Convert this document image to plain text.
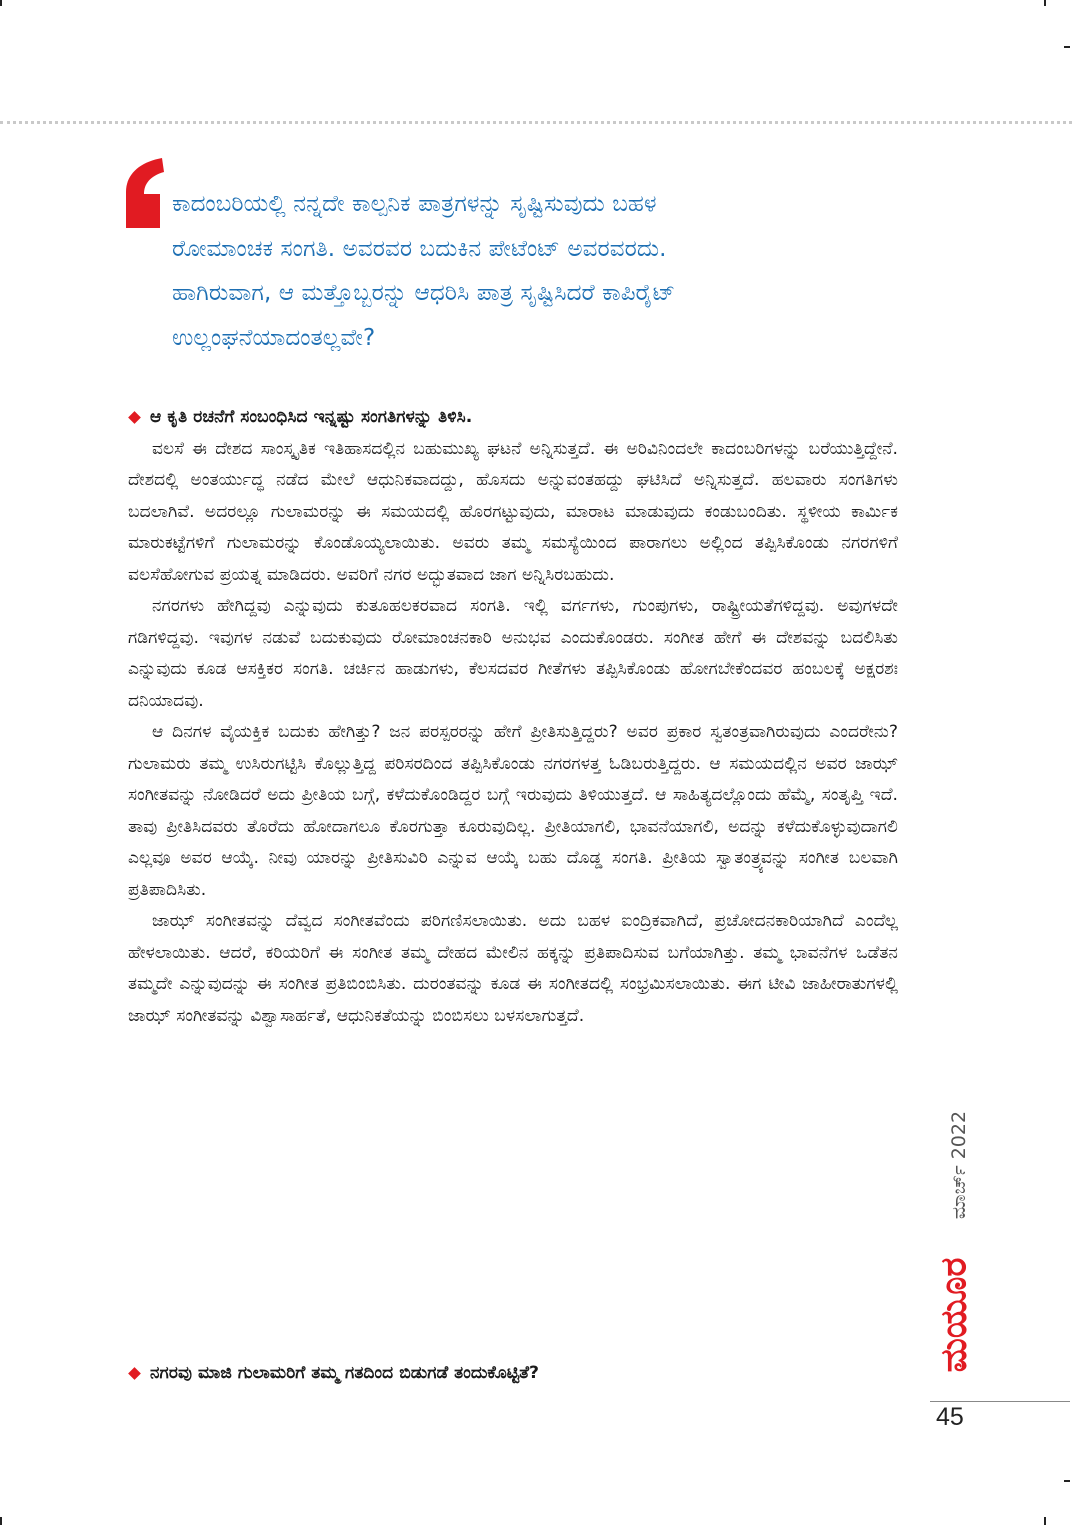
ಕಾದಂಬರಿಯಲ್ಲಿ ನನ್ನದೇ ಕಾಲ್ಪನಿಕ ಪಾತ್ರಗಳನ್ನು ಸೃಷ್ಟಿಸುವುದು ಬಹಳ
ರೋಮಾಂಚಕ ಸಂಗತಿ. ಅವರವರ ಬದುಕಿನ ಪೇಟೆಂಟ್ ಅವರವರದು.
ಹಾಗಿರುವಾಗ, ಆ ಮತ್ತೊಬ್ಬರನ್ನು ಆಧರಿಸಿ ಪಾತ್ರ ಸೃಷ್ಟಿಸಿದರೆ ಕಾಪಿರೈಟ್
ಉಲ್ಲಂಘನೆಯಾದಂತಲ್ಲವೇ?

ಆ ಕೃತಿ ರಚನೆಗೆ ಸಂಬಂಧಿಸಿದ ಇನ್ನಷ್ಟು ಸಂಗತಿಗಳನ್ನು ತಿಳಿಸಿ.

ವಲಸೆ ಈ ದೇಶದ ಸಾಂಸ್ಕೃತಿಕ ಇತಿಹಾಸದಲ್ಲಿನ ಬಹುಮುಖ್ಯ ಘಟನೆ ಅನ್ನಿಸುತ್ತದೆ. ಈ ಅರಿವಿನಿಂದಲೇ ಕಾದಂಬರಿಗಳನ್ನು ಬರೆಯುತ್ತಿದ್ದೇನೆ. ದೇಶದಲ್ಲಿ ಅಂತರ್ಯುದ್ಧ ನಡೆದ ಮೇಲೆ ಆಧುನಿಕವಾದದ್ದು, ಹೊಸದು ಅನ್ನುವಂತಹದ್ದು ಘಟಿಸಿದೆ ಅನ್ನಿಸುತ್ತದೆ. ಹಲವಾರು ಸಂಗತಿಗಳು ಬದಲಾಗಿವೆ. ಅದರಲ್ಲೂ ಗುಲಾಮರನ್ನು ಈ ಸಮಯದಲ್ಲಿ ಹೊರಗಟ್ಟುವುದು, ಮಾರಾಟ ಮಾಡುವುದು ಕಂಡುಬಂದಿತು. ಸ್ಥಳೀಯ ಕಾರ್ಮಿಕ ಮಾರುಕಟ್ಟೆಗಳಿಗೆ ಗುಲಾಮರನ್ನು ಕೊಂಡೊಯ್ಯಲಾಯಿತು. ಅವರು ತಮ್ಮ ಸಮಸ್ಯೆಯಿಂದ ಪಾರಾಗಲು ಅಲ್ಲಿಂದ ತಪ್ಪಿಸಿಕೊಂಡು ನಗರಗಳಿಗೆ ವಲಸೆಹೋಗುವ ಪ್ರಯತ್ನ ಮಾಡಿದರು. ಅವರಿಗೆ ನಗರ ಅದ್ಭುತವಾದ ಜಾಗ ಅನ್ನಿಸಿರಬಹುದು.

ನಗರಗಳು ಹೇಗಿದ್ದವು ಎನ್ನುವುದು ಕುತೂಹಲಕರವಾದ ಸಂಗತಿ. ಇಲ್ಲಿ ವರ್ಗಗಳು, ಗುಂಪುಗಳು, ರಾಷ್ಟ್ರೀಯತೆಗಳಿದ್ದವು. ಅವುಗಳದೇ ಗಡಿಗಳಿದ್ದವು. ಇವುಗಳ ನಡುವೆ ಬದುಕುವುದು ರೋಮಾಂಚನಕಾರಿ ಅನುಭವ ಎಂದುಕೊಂಡರು. ಸಂಗೀತ ಹೇಗೆ ಈ ದೇಶವನ್ನು ಬದಲಿಸಿತು ಎನ್ನುವುದು ಕೂಡ ಆಸಕ್ತಿಕರ ಸಂಗತಿ. ಚರ್ಚಿನ ಹಾಡುಗಳು, ಕೆಲಸದವರ ಗೀತೆಗಳು ತಪ್ಪಿಸಿಕೊಂಡು ಹೋಗಬೇಕೆಂದವರ ಹಂಬಲಕ್ಕೆ ಅಕ್ಷರಶಃ ದನಿಯಾದವು.

ಆ ದಿನಗಳ ವೈಯಕ್ತಿಕ ಬದುಕು ಹೇಗಿತ್ತು? ಜನ ಪರಸ್ಪರರನ್ನು ಹೇಗೆ ಪ್ರೀತಿಸುತ್ತಿದ್ದರು? ಅವರ ಪ್ರಕಾರ ಸ್ವತಂತ್ರವಾಗಿರುವುದು ಎಂದರೇನು? ಗುಲಾಮರು ತಮ್ಮ ಉಸಿರುಗಟ್ಟಿಸಿ ಕೊಲ್ಲುತ್ತಿದ್ದ ಪರಿಸರದಿಂದ ತಪ್ಪಿಸಿಕೊಂಡು ನಗರಗಳತ್ತ ಓಡಿಬರುತ್ತಿದ್ದರು. ಆ ಸಮಯದಲ್ಲಿನ ಅವರ ಜಾಝ್ ಸಂಗೀತವನ್ನು ನೋಡಿದರೆ ಅದು ಪ್ರೀತಿಯ ಬಗ್ಗೆ, ಕಳೆದುಕೊಂಡಿದ್ದರ ಬಗ್ಗೆ ಇರುವುದು ತಿಳಿಯುತ್ತದೆ. ಆ ಸಾಹಿತ್ಯದಲ್ಲೊಂದು ಹೆಮ್ಮೆ, ಸಂತೃಪ್ತಿ ಇದೆ. ತಾವು ಪ್ರೀತಿಸಿದವರು ತೊರೆದು ಹೋದಾಗಲೂ ಕೊರಗುತ್ತಾ ಕೂರುವುದಿಲ್ಲ. ಪ್ರೀತಿಯಾಗಲಿ, ಭಾವನೆಯಾಗಲಿ, ಅದನ್ನು ಕಳೆದುಕೊಳ್ಳುವುದಾಗಲಿ ಎಲ್ಲವೂ ಅವರ ಆಯ್ಕೆ. ನೀವು ಯಾರನ್ನು ಪ್ರೀತಿಸುವಿರಿ ಎನ್ನುವ ಆಯ್ಕೆ ಬಹು ದೊಡ್ಡ ಸಂಗತಿ. ಪ್ರೀತಿಯ ಸ್ವಾತಂತ್ರ್ಯವನ್ನು ಸಂಗೀತ ಬಲವಾಗಿ ಪ್ರತಿಪಾದಿಸಿತು.

ಜಾಝ್ ಸಂಗೀತವನ್ನು ದೆವ್ವದ ಸಂಗೀತವೆಂದು ಪರಿಗಣಿಸಲಾಯಿತು. ಅದು ಬಹಳ ಐಂದ್ರಿಕವಾಗಿದೆ, ಪ್ರಚೋದನಕಾರಿಯಾಗಿದೆ ಎಂದೆಲ್ಲ ಹೇಳಲಾಯಿತು. ಆದರೆ, ಕರಿಯರಿಗೆ ಈ ಸಂಗೀತ ತಮ್ಮ ದೇಹದ ಮೇಲಿನ ಹಕ್ಕನ್ನು ಪ್ರತಿಪಾದಿಸುವ ಬಗೆಯಾಗಿತ್ತು. ತಮ್ಮ ಭಾವನೆಗಳ ಒಡೆತನ ತಮ್ಮದೇ ಎನ್ನುವುದನ್ನು ಈ ಸಂಗೀತ ಪ್ರತಿಬಿಂಬಿಸಿತು. ದುರಂತವನ್ನು ಕೂಡ ಈ ಸಂಗೀತದಲ್ಲಿ ಸಂಭ್ರಮಿಸಲಾಯಿತು. ಈಗ ಟೀವಿ ಜಾಹೀರಾತುಗಳಲ್ಲಿ ಜಾಝ್ ಸಂಗೀತವನ್ನು ವಿಶ್ವಾಸಾರ್ಹತೆ, ಆಧುನಿಕತೆಯನ್ನು ಬಿಂಬಿಸಲು ಬಳಸಲಾಗುತ್ತದೆ.

ನಗರವು ಮಾಜಿ ಗುಲಾಮರಿಗೆ ತಮ್ಮ ಗತದಿಂದ ಬಿಡುಗಡೆ ತಂದುಕೊಟ್ಟಿತೆ?

ಮಾರ್ಚ್ 2022
ಮಯೂರ
45
